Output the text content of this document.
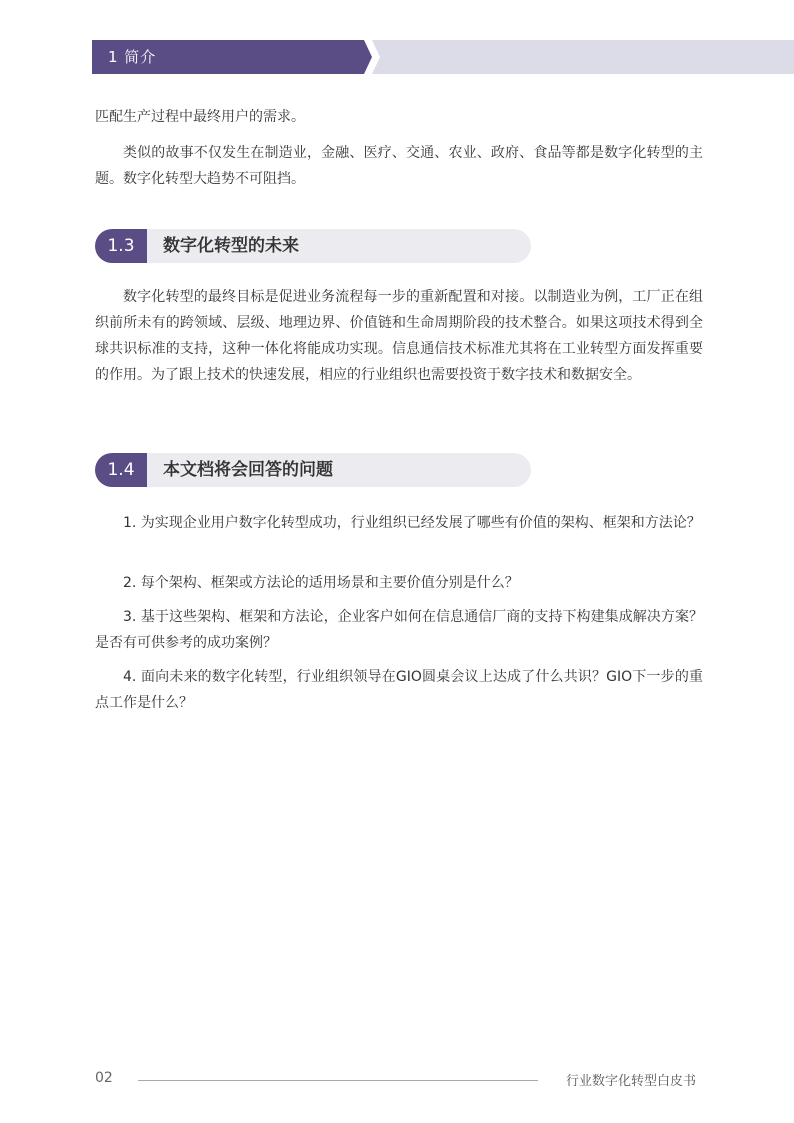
1 简介

匹配生产过程中最终用户的需求。

类似的故事不仅发生在制造业，金融、医疗、交通、农业、政府、食品等都是数字化转型的主题。数字化转型大趋势不可阻挡。

1.3	数字化转型的未来

数字化转型的最终目标是促进业务流程每一步的重新配置和对接。以制造业为例，工厂正在组织前所未有的跨领域、层级、地理边界、价值链和生命周期阶段的技术整合。如果这项技术得到全球共识标准的支持，这种一体化将能成功实现。信息通信技术标准尤其将在工业转型方面发挥重要的作用。为了跟上技术的快速发展，相应的行业组织也需要投资于数字技术和数据安全。

1.4	本文档将会回答的问题

1. 为实现企业用户数字化转型成功，行业组织已经发展了哪些有价值的架构、框架和方法论？

2. 每个架构、框架或方法论的适用场景和主要价值分别是什么？

3. 基于这些架构、框架和方法论，企业客户如何在信息通信厂商的支持下构建集成解决方案？是否有可供参考的成功案例？

4. 面向未来的数字化转型，行业组织领导在GIO圆桌会议上达成了什么共识？GIO下一步的重点工作是什么？

02	行业数字化转型白皮书
